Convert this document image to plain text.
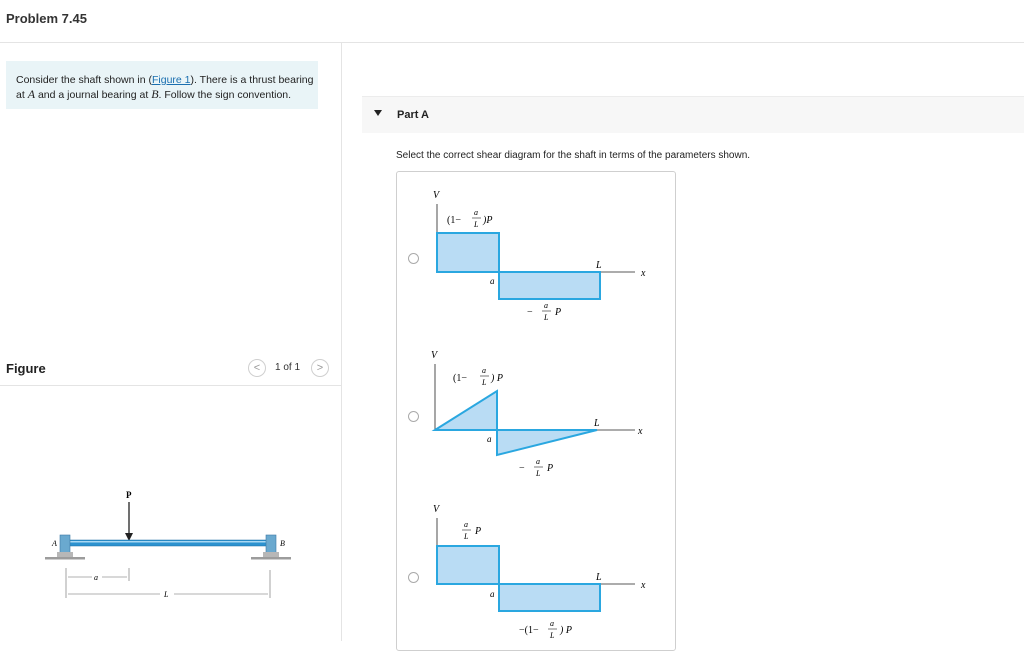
Problem 7.45
Consider the shaft shown in (Figure 1). There is a thrust bearing
at A and a journal bearing at B. Follow the sign convention.
Figure	<	1 of 1	>
P
A	B
a
L
Part A
Select the correct shear diagram for the shaft in terms of the parameters shown.
V
(1−
a
L )P
a
L
x
−
a
L P
V
(1−
a
L ) P
a
L
x
−
a
L P
V
a
L P
a
L
x
−(1−
a
L ) P
